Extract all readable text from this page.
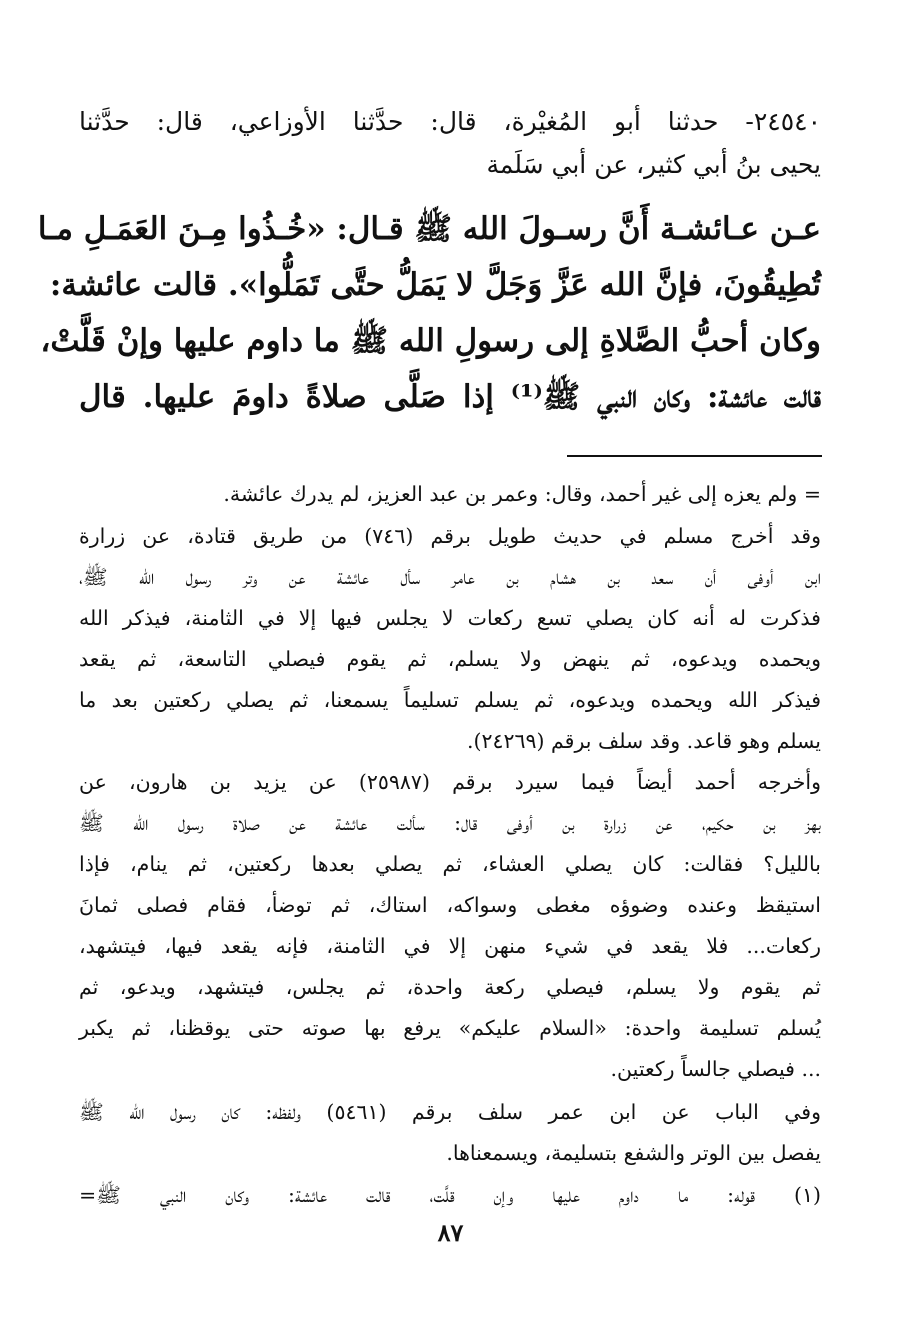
٢٤٥٤٠- حدثنا أبو المُغيْرة، قال: حدَّثنا الأوزاعي، قال: حدَّثنا
يحيى بنُ أبي كثير، عن أبي سَلَمة
عـن عـائشـة أَنَّ رسـولَ الله ﷺ قـال: «خُـذُوا مِـنَ العَمَـلِ مـا
تُطِيقُونَ، فإنَّ الله عَزَّ وَجَلَّ لا يَمَلُّ حتَّى تَمَلُّوا». قالت عائشة:
وكان أحبُّ الصَّلاةِ إلى رسولِ الله ﷺ ما داوم عليها وإنْ قَلَّتْ،
قالت عائشة: وكان النبي ﷺ⁽¹⁾ إذا صَلَّى صلاةً داومَ عليها. قال
= ولم يعزه إلى غير أحمد، وقال: وعمر بن عبد العزيز، لم يدرك عائشة.
وقد أخرج مسلم في حديث طويل برقم (٧٤٦) من طريق قتادة، عن زرارة
ابن أوفى أن سعد بن هشام بن عامر سأل عائشة عن وتر رسول الله ﷺ،
فذكرت له أنه كان يصلي تسع ركعات لا يجلس فيها إلا في الثامنة، فيذكر الله
ويحمده ويدعوه، ثم ينهض ولا يسلم، ثم يقوم فيصلي التاسعة، ثم يقعد
فيذكر الله ويحمده ويدعوه، ثم يسلم تسليماً يسمعنا، ثم يصلي ركعتين بعد ما
يسلم وهو قاعد. وقد سلف برقم (٢٤٢٦٩).
وأخرجه أحمد أيضاً فيما سيرد برقم (٢٥٩٨٧) عن يزيد بن هارون، عن
بهز بن حكيم، عن زرارة بن أوفى قال: سألت عائشة عن صلاة رسول الله ﷺ
بالليل؟ فقالت: كان يصلي العشاء، ثم يصلي بعدها ركعتين، ثم ينام، فإذا
استيقظ وعنده وضوؤه مغطى وسواكه، استاك، ثم توضأ، فقام فصلى ثمانَ
ركعات... فلا يقعد في شيء منهن إلا في الثامنة، فإنه يقعد فيها، فيتشهد،
ثم يقوم ولا يسلم، فيصلي ركعة واحدة، ثم يجلس، فيتشهد، ويدعو، ثم
يُسلم تسليمة واحدة: «السلام عليكم» يرفع بها صوته حتى يوقظنا، ثم يكبر
... فيصلي جالساً ركعتين.
وفي الباب عن ابن عمر سلف برقم (٥٤٦١) ولفظه: كان رسول الله ﷺ
يفصل بين الوتر والشفع بتسليمة، ويسمعناها.
(١) قوله: ما داوم عليها وإن قلَّت، قالت عائشة: وكان النبي ﷺ=
٨٧
